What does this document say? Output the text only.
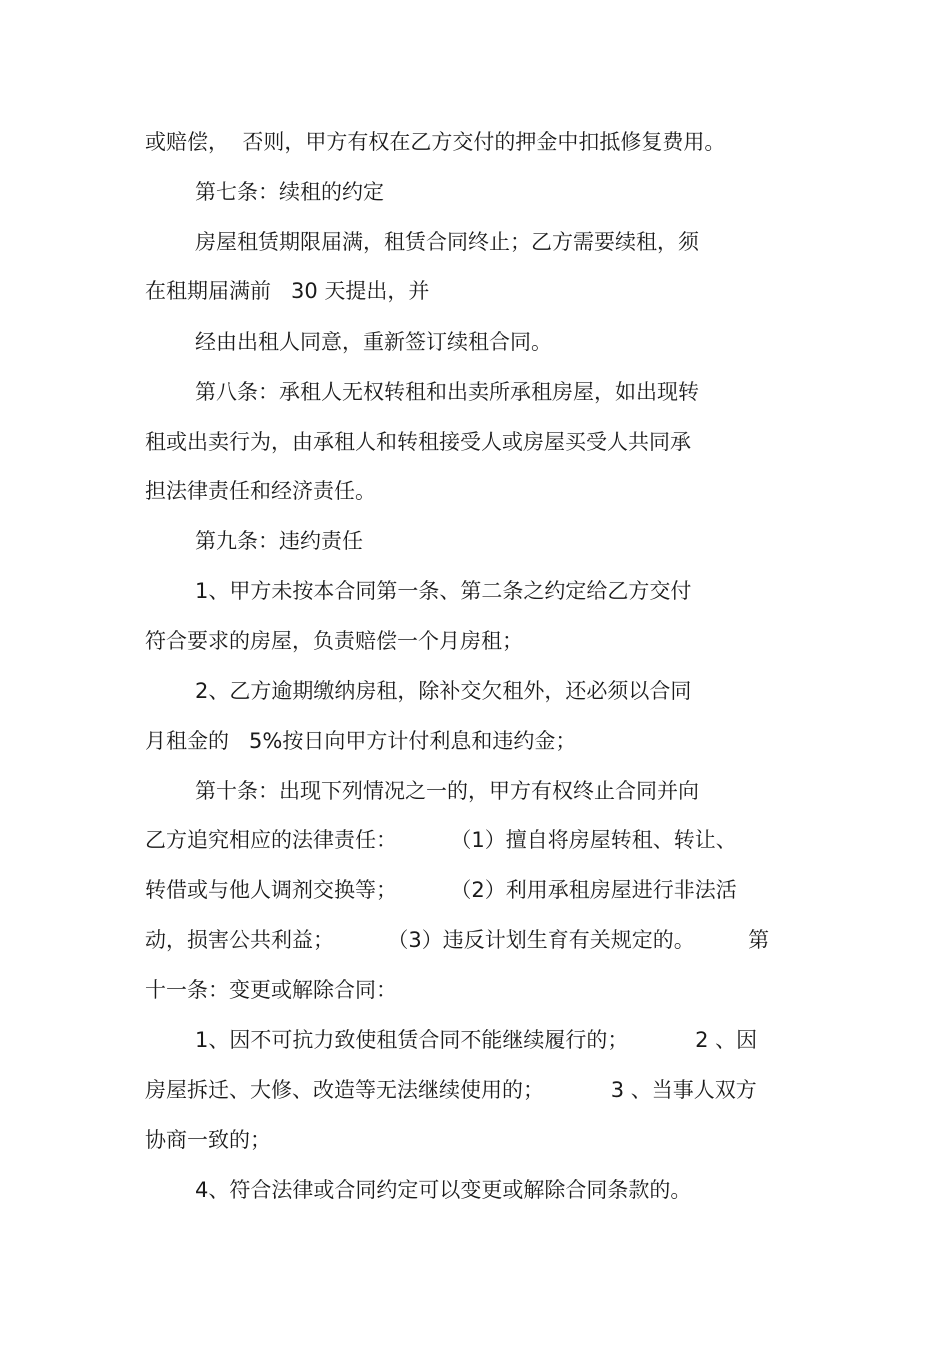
或赔偿，  否则，甲方有权在乙方交付的押金中扣抵修复费用。
第七条：续租的约定
房屋租赁期限届满，租赁合同终止；乙方需要续租，须
在租期届满前   30 天提出，并
经由出租人同意，重新签订续租合同。
第八条：承租人无权转租和出卖所承租房屋，如出现转
租或出卖行为，由承租人和转租接受人或房屋买受人共同承
担法律责任和经济责任。
第九条：违约责任
1、甲方未按本合同第一条、第二条之约定给乙方交付
符合要求的房屋，负责赔偿一个月房租；
2、乙方逾期缴纳房租，除补交欠租外，还必须以合同
月租金的   5%按日向甲方计付利息和违约金；
第十条：出现下列情况之一的，甲方有权终止合同并向
乙方追究相应的法律责任：        （1）擅自将房屋转租、转让、
转借或与他人调剂交换等；        （2）利用承租房屋进行非法活
动，损害公共利益；        （3）违反计划生育有关规定的。        第
十一条：变更或解除合同：
1、因不可抗力致使租赁合同不能继续履行的；          2 、因
房屋拆迁、大修、改造等无法继续使用的；          3 、当事人双方
协商一致的；
4、符合法律或合同约定可以变更或解除合同条款的。
